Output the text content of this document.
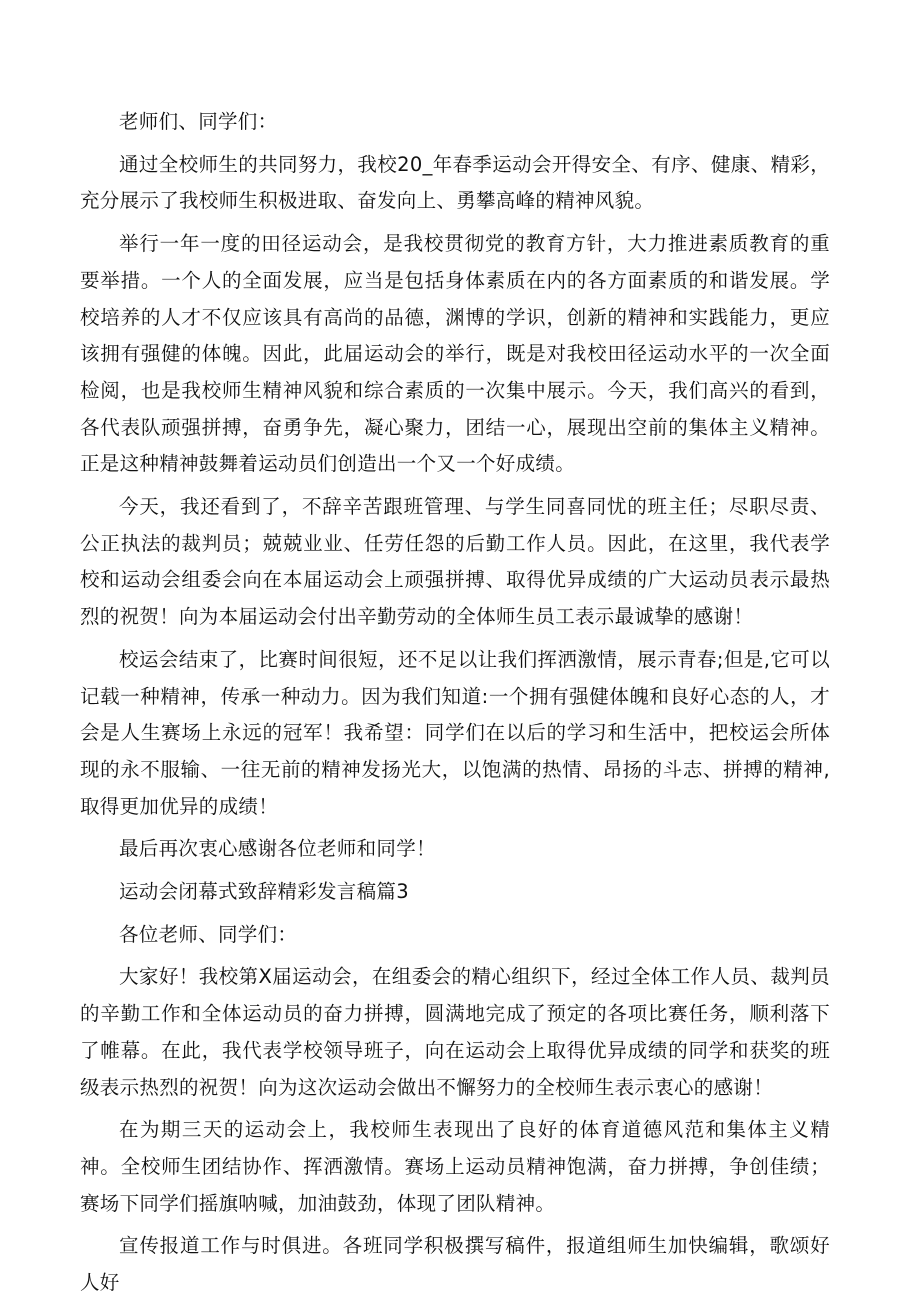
老师们、同学们：

通过全校师生的共同努力，我校20_年春季运动会开得安全、有序、健康、精彩，充分展示了我校师生积极进取、奋发向上、勇攀高峰的精神风貌。

举行一年一度的田径运动会，是我校贯彻党的教育方针，大力推进素质教育的重要举措。一个人的全面发展，应当是包括身体素质在内的各方面素质的和谐发展。学校培养的人才不仅应该具有高尚的品德，渊博的学识，创新的精神和实践能力，更应该拥有强健的体魄。因此，此届运动会的举行，既是对我校田径运动水平的一次全面检阅，也是我校师生精神风貌和综合素质的一次集中展示。今天，我们高兴的看到，各代表队顽强拼搏，奋勇争先，凝心聚力，团结一心，展现出空前的集体主义精神。正是这种精神鼓舞着运动员们创造出一个又一个好成绩。

今天，我还看到了，不辞辛苦跟班管理、与学生同喜同忧的班主任；尽职尽责、公正执法的裁判员；兢兢业业、任劳任怨的后勤工作人员。因此，在这里，我代表学校和运动会组委会向在本届运动会上顽强拼搏、取得优异成绩的广大运动员表示最热烈的祝贺！向为本届运动会付出辛勤劳动的全体师生员工表示最诚挚的感谢！

校运会结束了，比赛时间很短，还不足以让我们挥洒激情，展示青春;但是,它可以记载一种精神，传承一种动力。因为我们知道:一个拥有强健体魄和良好心态的人，才会是人生赛场上永远的冠军！我希望：同学们在以后的学习和生活中，把校运会所体现的永不服输、一往无前的精神发扬光大，以饱满的热情、昂扬的斗志、拼搏的精神,取得更加优异的成绩！

最后再次衷心感谢各位老师和同学！

运动会闭幕式致辞精彩发言稿篇3

各位老师、同学们：

大家好！我校第X届运动会，在组委会的精心组织下，经过全体工作人员、裁判员的辛勤工作和全体运动员的奋力拼搏，圆满地完成了预定的各项比赛任务，顺利落下了帷幕。在此，我代表学校领导班子，向在运动会上取得优异成绩的同学和获奖的班级表示热烈的祝贺！向为这次运动会做出不懈努力的全校师生表示衷心的感谢！

在为期三天的运动会上，我校师生表现出了良好的体育道德风范和集体主义精神。全校师生团结协作、挥洒激情。赛场上运动员精神饱满，奋力拼搏，争创佳绩；赛场下同学们摇旗呐喊，加油鼓劲，体现了团队精神。

宣传报道工作与时俱进。各班同学积极撰写稿件，报道组师生加快编辑，歌颂好人好
